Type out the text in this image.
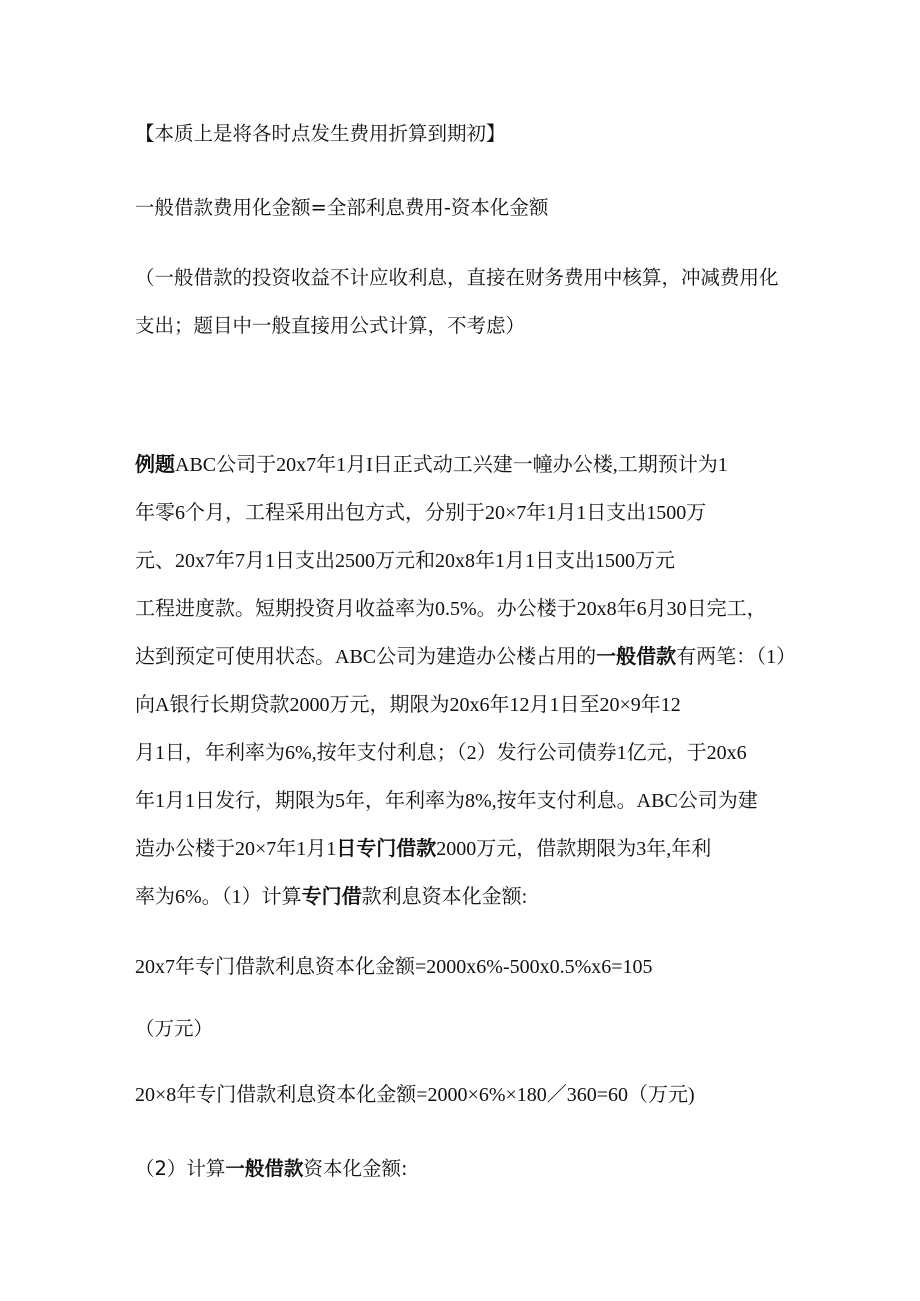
【本质上是将各时点发生费用折算到期初】

一般借款费用化金额=全部利息费用-资本化金额

（一般借款的投资收益不计应收利息，直接在财务费用中核算，冲减费用化

支出；题目中一般直接用公式计算，不考虑）

例题ABC公司于20x7年1月I日正式动工兴建一幢办公楼,工期预计为1

年零6个月，工程采用出包方式，分别于20×7年1月1日支出1500万

元、20x7年7月1日支出2500万元和20x8年1月1日支出1500万元

工程进度款。短期投资月收益率为0.5%。办公楼于20x8年6月30日完工，

达到预定可使用状态。ABC公司为建造办公楼占用的一般借款有两笔：（1）

向A银行长期贷款2000万元，期限为20x6年12月1日至20×9年12

月1日，年利率为6%,按年支付利息；（2）发行公司债券1亿元，于20x6

年1月1日发行，期限为5年，年利率为8%,按年支付利息。ABC公司为建

造办公楼于20×7年1月1日专门借款2000万元，借款期限为3年,年利

率为6%。（1）计算专门借款利息资本化金额:

20x7年专门借款利息资本化金额=2000x6%-500x0.5%x6=105

（万元）

20×8年专门借款利息资本化金额=2000×6%×180／360=60（万元)

（2）计算一般借款资本化金额:
